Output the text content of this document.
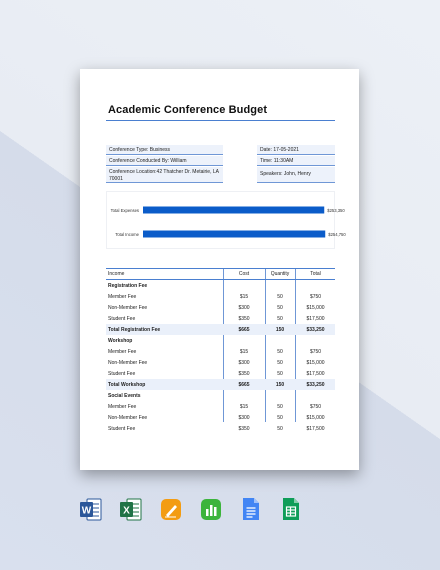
Academic Conference Budget
Conference Type: Business
Conference Conducted By: William
Conference Location:42 Thatcher Dr. Metairie, LA 70001
Date: 17-05-2021
Time: 11:30AM
Speakers: John, Henry
Total Expenses	$253,350
Total Income	$254,750
Income	Cost	Quantity	Total
Registration Fee
Member Fee	$15	50	$750
Non-Member Fee	$300	50	$15,000
Student Fee	$350	50	$17,500
Total Registration Fee	$665	150	$33,250
Workshop
Member Fee	$15	50	$750
Non-Member Fee	$300	50	$15,000
Student Fee	$350	50	$17,500
Total Workshop	$665	150	$33,250
Social Events
Member Fee	$15	50	$750
Non-Member Fee	$300	50	$15,000
Student Fee	$350	50	$17,500
W	X
